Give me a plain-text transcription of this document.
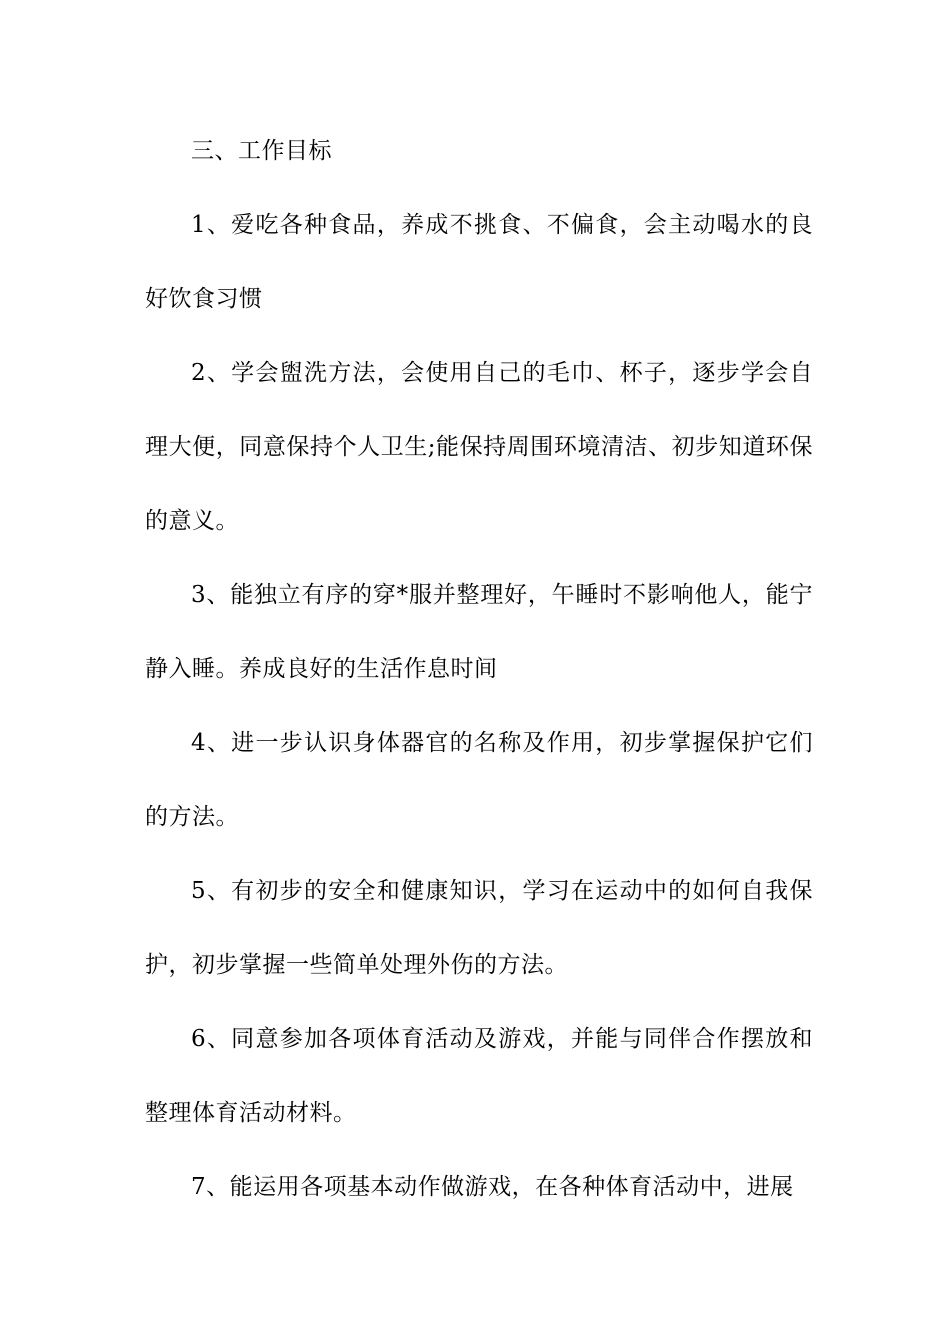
三、工作目标

1、爱吃各种食品，养成不挑食、不偏食，会主动喝水的良好饮食习惯

2、学会盥洗方法，会使用自己的毛巾、杯子，逐步学会自理大便，同意保持个人卫生;能保持周围环境清洁、初步知道环保的意义。

3、能独立有序的穿*服并整理好，午睡时不影响他人，能宁静入睡。养成良好的生活作息时间

4、进一步认识身体器官的名称及作用，初步掌握保护它们的方法。

5、有初步的安全和健康知识，学习在运动中的如何自我保护，初步掌握一些简单处理外伤的方法。

6、同意参加各项体育活动及游戏，并能与同伴合作摆放和整理体育活动材料。

7、能运用各项基本动作做游戏，在各种体育活动中，进展
